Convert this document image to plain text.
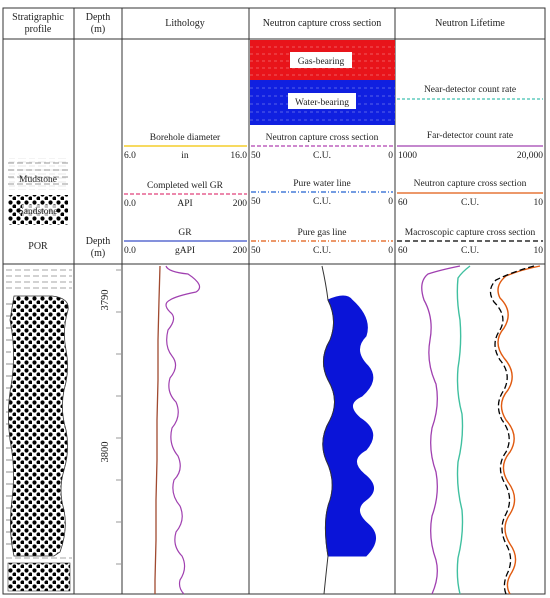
Stratigraphic
profile
Depth
(m)
Lithology	Neutron capture cross section	Neutron Lifetime
Mudstone
Sandstone
POR	Depth
(m)
Borehole diameter
6.0	in	16.0
Completed well GR
0.0	API	200
GR
0.0	gAPI	200
Gas-bearing
Water-bearing
Neutron capture cross section
50	C.U.	0
Pure water line
50	C.U.	0
Pure gas line
50	C.U.	0
Near-detector count rate
Far-detector count rate
1000	20,000
Neutron capture cross section
60	C.U.	10
Macroscopic capture cross section
60	C.U.	10
3790
3800
